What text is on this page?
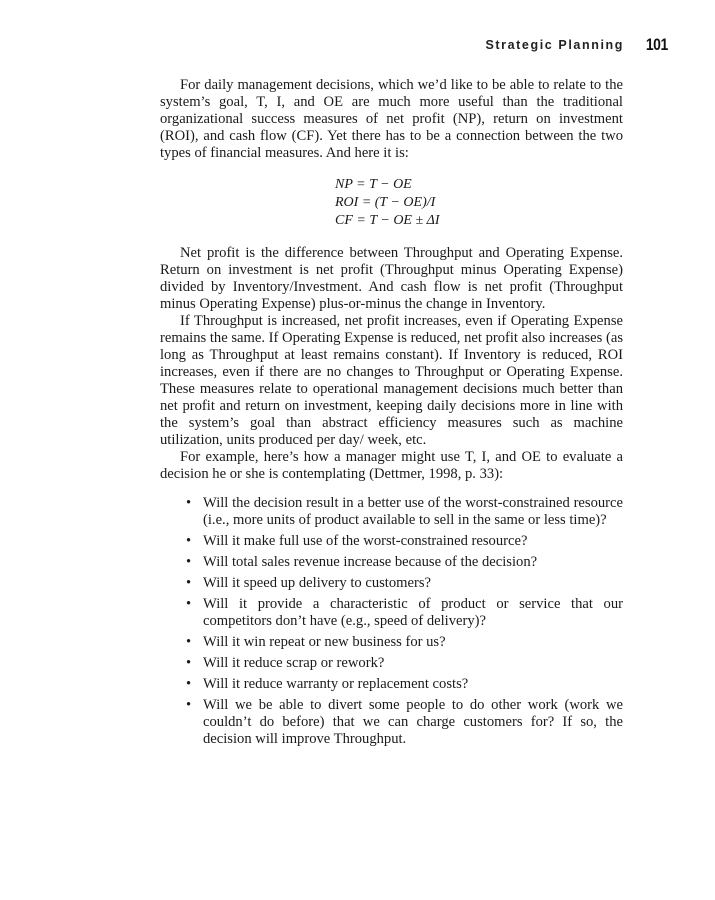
Strategic Planning 101

For daily management decisions, which we’d like to be able to relate to the system’s goal, T, I, and OE are much more useful than the traditional organizational success measures of net profit (NP), return on investment (ROI), and cash flow (CF). Yet there has to be a connection between the two types of financial measures. And here it is:

NP = T − OE
ROI = (T − OE)/I
CF = T − OE ± ΔI

Net profit is the difference between Throughput and Operating Expense. Return on investment is net profit (Throughput minus Operating Expense) divided by Inventory/Investment. And cash flow is net profit (Throughput minus Operating Expense) plus-or-minus the change in Inventory.

If Throughput is increased, net profit increases, even if Operating Expense remains the same. If Operating Expense is reduced, net profit also increases (as long as Throughput at least remains constant). If Inventory is reduced, ROI increases, even if there are no changes to Throughput or Operating Expense. These measures relate to operational management decisions much better than net profit and return on investment, keeping daily decisions more in line with the system’s goal than abstract efficiency measures such as machine utilization, units produced per day/ week, etc.

For example, here’s how a manager might use T, I, and OE to evaluate a decision he or she is contemplating (Dettmer, 1998, p. 33):

• Will the decision result in a better use of the worst-constrained resource (i.e., more units of product available to sell in the same or less time)?
• Will it make full use of the worst-constrained resource?
• Will total sales revenue increase because of the decision?
• Will it speed up delivery to customers?
• Will it provide a characteristic of product or service that our competitors don’t have (e.g., speed of delivery)?
• Will it win repeat or new business for us?
• Will it reduce scrap or rework?
• Will it reduce warranty or replacement costs?
• Will we be able to divert some people to do other work (work we couldn’t do before) that we can charge customers for? If so, the decision will improve Throughput.
